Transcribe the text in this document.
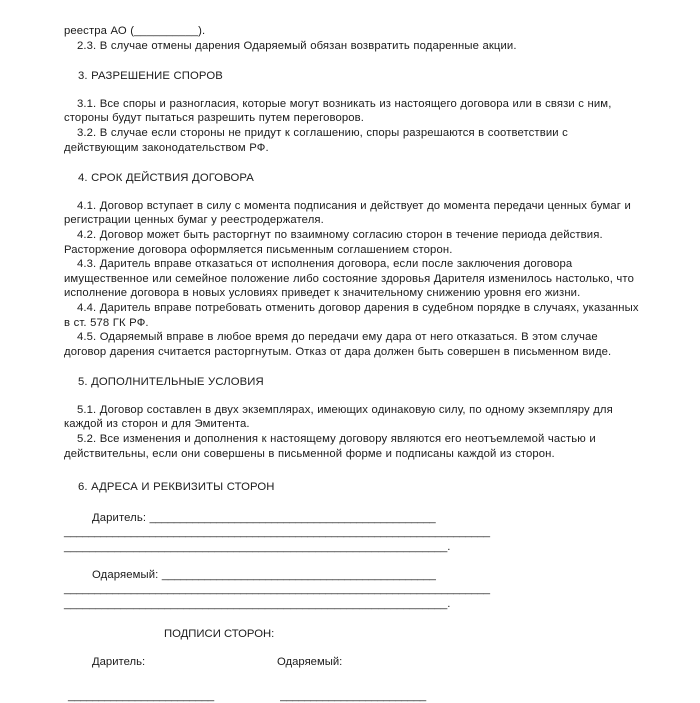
реестра АО (__________).

2.3. В случае отмены дарения Одаряемый обязан возвратить подаренные акции.

3. РАЗРЕШЕНИЕ СПОРОВ

3.1. Все споры и разногласия, которые могут возникать из настоящего договора или в связи с ним, стороны будут пытаться разрешить путем переговоров.

3.2. В случае если стороны не придут к соглашению, споры разрешаются в соответствии с действующим законодательством РФ.

4. СРОК ДЕЙСТВИЯ ДОГОВОРА

4.1. Договор вступает в силу с момента подписания и действует до момента передачи ценных бумаг и регистрации ценных бумаг у реестродержателя.

4.2. Договор может быть расторгнут по взаимному согласию сторон в течение периода действия. Расторжение договора оформляется письменным соглашением сторон.

4.3. Даритель вправе отказаться от исполнения договора, если после заключения договора имущественное или семейное положение либо состояние здоровья Дарителя изменилось настолько, что исполнение договора в новых условиях приведет к значительному снижению уровня его жизни.

4.4. Даритель вправе потребовать отменить договор дарения в судебном порядке в случаях, указанных в ст. 578 ГК РФ.

4.5. Одаряемый вправе в любое время до передачи ему дара от него отказаться. В этом случае договор дарения считается расторгнутым. Отказ от дара должен быть совершен в письменном виде.

5. ДОПОЛНИТЕЛЬНЫЕ УСЛОВИЯ

5.1. Договор составлен в двух экземплярах, имеющих одинаковую силу, по одному экземпляру для каждой из сторон и для Эмитента.

5.2. Все изменения и дополнения к настоящему договору являются его неотъемлемой частью и действительны, если они совершены в письменной форме и подписаны каждой из сторон.

6. АДРЕСА И РЕКВИЗИТЫ СТОРОН

Даритель: _______________________________________________

______________________________________________________________________

_____________________________________________________________.

Одаряемый: _____________________________________________

______________________________________________________________________

_____________________________________________________________.

ПОДПИСИ СТОРОН:

Даритель:	Одаряемый:
________________________	________________________
